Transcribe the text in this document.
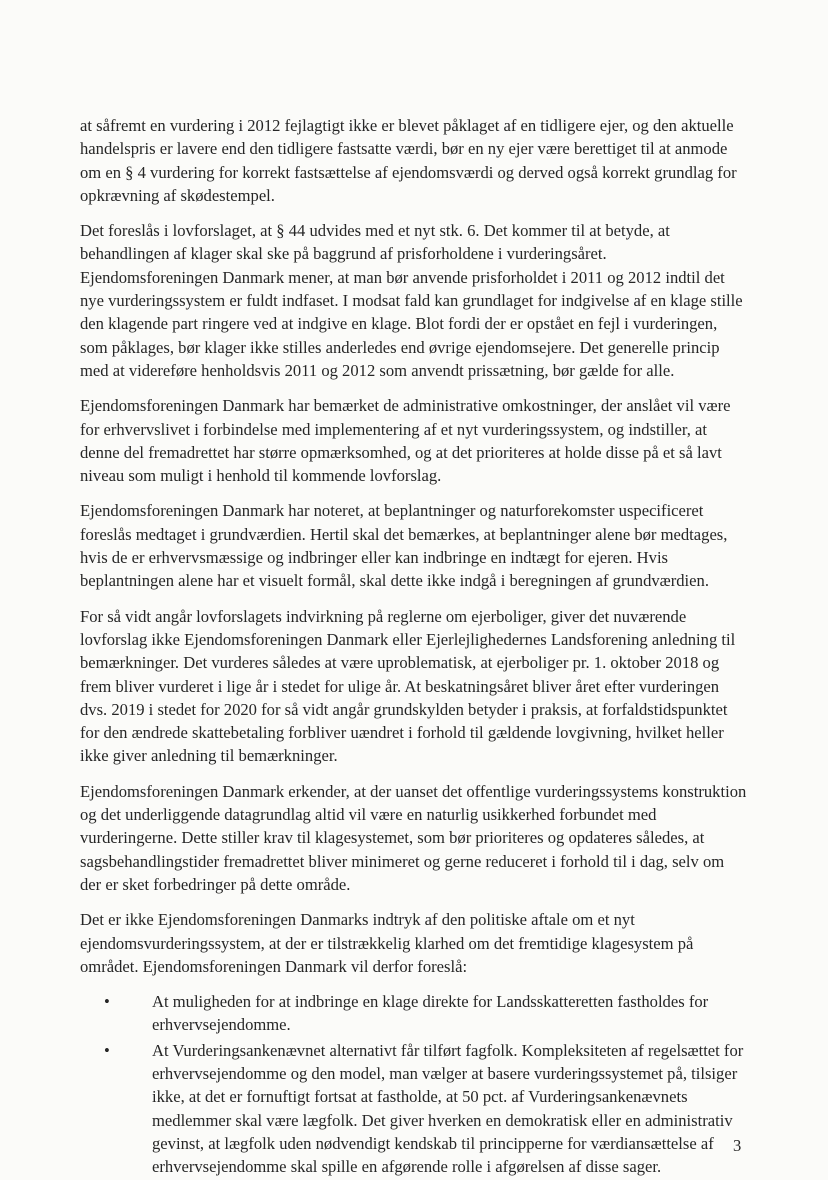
at såfremt en vurdering i 2012 fejlagtigt ikke er blevet påklaget af en tidligere ejer, og den aktuelle handelspris er lavere end den tidligere fastsatte værdi, bør en ny ejer være berettiget til at anmode om en § 4 vurdering for korrekt fastsættelse af ejendomsværdi og derved også korrekt grundlag for opkrævning af skødestempel.

Det foreslås i lovforslaget, at § 44 udvides med et nyt stk. 6. Det kommer til at betyde, at behandlingen af klager skal ske på baggrund af prisforholdene i vurderingsåret. Ejendomsforeningen Danmark mener, at man bør anvende prisforholdet i 2011 og 2012 indtil det nye vurderingssystem er fuldt indfaset. I modsat fald kan grundlaget for indgivelse af en klage stille den klagende part ringere ved at indgive en klage. Blot fordi der er opstået en fejl i vurderingen, som påklages, bør klager ikke stilles anderledes end øvrige ejendomsejere. Det generelle princip med at videreføre henholdsvis 2011 og 2012 som anvendt prissætning, bør gælde for alle.

Ejendomsforeningen Danmark har bemærket de administrative omkostninger, der anslået vil være for erhvervslivet i forbindelse med implementering af et nyt vurderingssystem, og indstiller, at denne del fremadrettet har større opmærksomhed, og at det prioriteres at holde disse på et så lavt niveau som muligt i henhold til kommende lovforslag.

Ejendomsforeningen Danmark har noteret, at beplantninger og naturforekomster uspecificeret foreslås medtaget i grundværdien. Hertil skal det bemærkes, at beplantninger alene bør medtages, hvis de er erhvervsmæssige og indbringer eller kan indbringe en indtægt for ejeren. Hvis beplantningen alene har et visuelt formål, skal dette ikke indgå i beregningen af grundværdien.

For så vidt angår lovforslagets indvirkning på reglerne om ejerboliger, giver det nuværende lovforslag ikke Ejendomsforeningen Danmark eller Ejerlejlighedernes Landsforening anledning til bemærkninger. Det vurderes således at være uproblematisk, at ejerboliger pr. 1. oktober 2018 og frem bliver vurderet i lige år i stedet for ulige år. At beskatningsåret bliver året efter vurderingen dvs. 2019 i stedet for 2020 for så vidt angår grundskylden betyder i praksis, at forfaldstidspunktet for den ændrede skattebetaling forbliver uændret i forhold til gældende lovgivning, hvilket heller ikke giver anledning til bemærkninger.

Ejendomsforeningen Danmark erkender, at der uanset det offentlige vurderingssystems konstruktion og det underliggende datagrundlag altid vil være en naturlig usikkerhed forbundet med vurderingerne. Dette stiller krav til klagesystemet, som bør prioriteres og opdateres således, at sagsbehandlingstider fremadrettet bliver minimeret og gerne reduceret i forhold til i dag, selv om der er sket forbedringer på dette område.

Det er ikke Ejendomsforeningen Danmarks indtryk af den politiske aftale om et nyt ejendomsvurderingssystem, at der er tilstrækkelig klarhed om det fremtidige klagesystem på området. Ejendomsforeningen Danmark vil derfor foreslå:

•	At muligheden for at indbringe en klage direkte for Landsskatteretten fastholdes for erhvervsejendomme.
•	At Vurderingsankenævnet alternativt får tilført fagfolk. Kompleksiteten af regelsættet for erhvervsejendomme og den model, man vælger at basere vurderingssystemet på, tilsiger ikke, at det er fornuftigt fortsat at fastholde, at 50 pct. af Vurderingsankenævnets medlemmer skal være lægfolk. Det giver hverken en demokratisk eller en administrativ gevinst, at lægfolk uden nødvendigt kendskab til principperne for værdiansættelse af erhvervsejendomme skal spille en afgørende rolle i afgørelsen af disse sager.
3
